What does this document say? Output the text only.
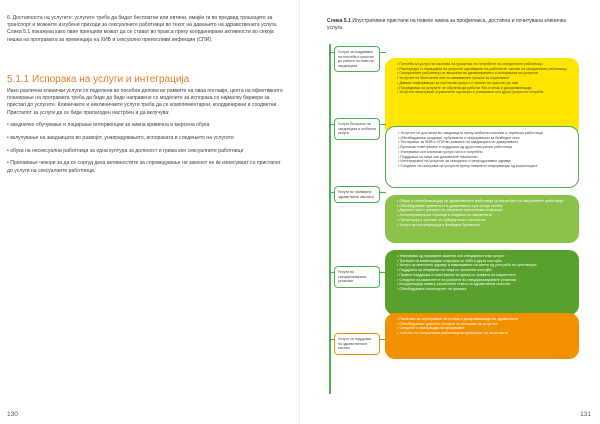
6. Достапноста на услугите: услугите треба да бидат бесплатни или евтини, имајќи ги во предвид трошоците за транспорт и можните изгубени приходи за сексуалните работници во текот на давањето на здравствената услуга. Слика 5.1 покажува како овие принципи можат да се стават во пракса преку координирани активности во секоја нишка на програмата за превенција на ХИВ и сексуално преносливи инфекции (СПИ).
5.1.1 Испорака на услуги и интеграција

Иако различни клинички услуги се поделени во посебни делови во рамките на оваа поглавје, целта на ефективното планирање на програмата треба да биде да биде направено со моделите за испорака со најмалку бариери за пристап до услугите. Клиничките и неклиничките услуги треба да се комплементарни, координирани и соодветни. Пристапот за услуги да се биде прилагоден настроен и да вклучува:

• заедничко обучување и лоцирање интервенции за нивна кривична и мерсена обука

• вклучување на заедницата во развојот, унапредувањето, испораката и следењето на услугите

• обука на несексуални работници за една култура за доленост и грижа кон сексуалните работници

• Прилавање чекори за да се соргуд дека активностите за спроведување не законот не ќе изнесуваат со пристапот до услуги на сексуалните работници.

130	131
Слика 5.1 Илустративни пристапи на повеќе нивоа за профилакса, достапна и почитувана клиничка услуга
Услуги за создавање на потреба и пристап до раните на ниво на заедницата	• Потреба за услуги се заснова на проценка на потребите на сексуалните работници
• Распоредот и локацијата на услугите одговараат на работните часови на сексуалните работници
• Сексуалните работници се вклучени во дизајнирањето и испораката на услугите
• Услугите се бесплатни или со минимален трошок за корисникот
• Даваат информации за постоечки услуги и начини на пристап до нив
• Посредници за услугите се обучени да работат без стигма и дискриминација
• Услугите вклучуваат ограничени одговори и упатување кон други услуги по потреба
Услуги базирани на заедницата и мобилни услуги	• Услугите се достапни во заедницата преку мобилни клиники и теренски работници
• Обезбедување кондоми, лубриканти и информации за безбеден секс
• Тестирање за ХИВ и СПИ во рамките на заедницата со доверливост
• Врсничко советување и поддршка од други сексуални работници
• Упатување кон клинички услуги кога е потребно
• Поддршка за лица кои доживеале насилство
• Интегрирање на услугите за сексуално и репродуктивно здравје
• Следење на испорака на услугите преку повратни информации од корисниците
Услуги во примарна здравствена заштита
• Обука и сензибилизација на здравствените работници за потребите на сексуалните работници
• Обезбедување приватност и доверливост при секоја посета
• Дијагностика и третман на сексуално преносливи инфекции
• Антиретровирусна терапија и следење на пациентите
• Превенција и третман на туберкулоза и хепатитис
• Услуги за контрацепција и безбедна бременост
Услуги во специјализирани установи
• Упатувања од примарна заштита кон специјалистички услуги
• Третман на компликации поврзани со ХИВ и други состојби
• Услуги за ментално здравје и намалување на штети од употреба на супстанции
• Поддршка за лекување на лица со хронични состојби
• Правна поддршка и советување во врска со правата на пациентите
• Следење на квалитетот на услугите во специјализираните установи
• Координација помеѓу различните нивоа на здравствена заштита
• Обезбедување континуитет на грижата
Услуги за поддршка на здравствениот систем
• Политики за спречување на стигма и дискриминација во здравството
• Обезбедување доволни ресурси за испорака на услугите
• Следење и евалуација на програмите
• Учество на сексуалните работници во креирање на политиките
